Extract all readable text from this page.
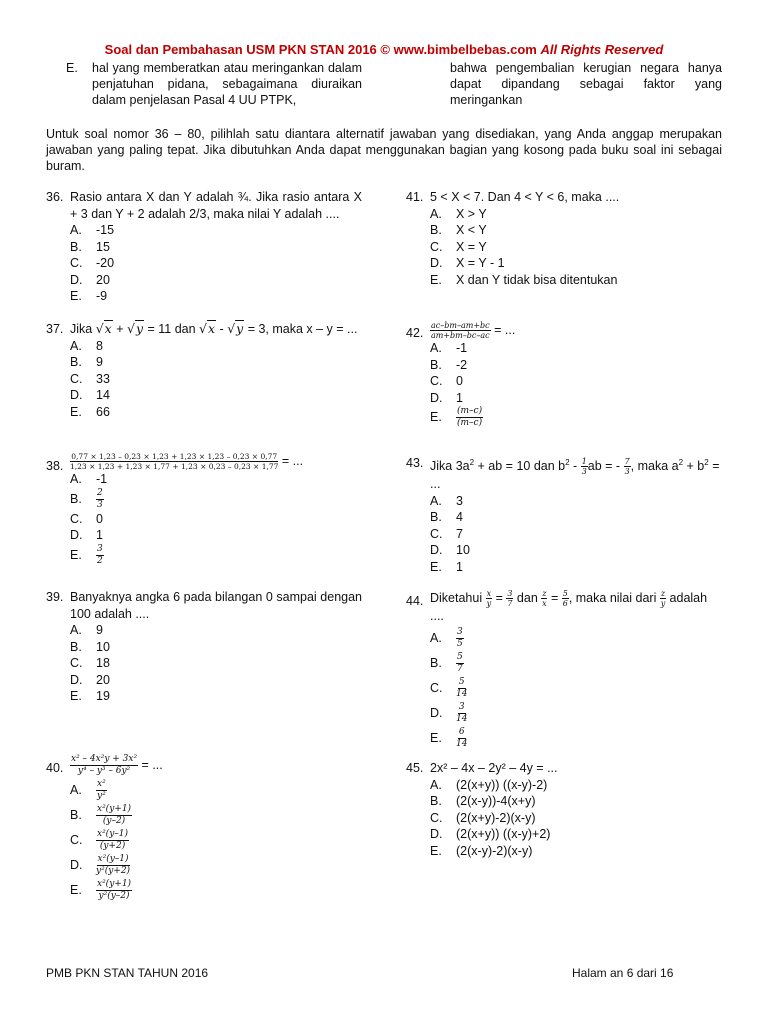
Soal dan Pembahasan USM PKN STAN 2016 © www.bimbelbebas.com All Rights Reserved
E. hal yang memberatkan atau meringankan dalam penjatuhan pidana, sebagaimana diuraikan dalam penjelasan Pasal 4 UU PTPK,
bahwa pengembalian kerugian negara hanya dapat dipandang sebagai faktor yang meringankan
Untuk soal nomor 36 – 80, pilihlah satu diantara alternatif jawaban yang disediakan, yang Anda anggap merupakan jawaban yang paling tepat. Jika dibutuhkan Anda dapat menggunakan bagian yang kosong pada buku soal ini sebagai buram.
36. Rasio antara X dan Y adalah ¾. Jika rasio antara X + 3 dan Y + 2 adalah 2/3, maka nilai Y adalah ....
A.	-15
B.	15
C.	-20
D.	20
E.	-9
37. Jika √x + √y = 11 dan √x - √y = 3, maka x – y = ...
A.	8
B.	9
C.	33
D.	14
E.	66
38. $\frac{0,77 \times 1,23 - 0,23 \times 1,23 + 1,23 \times 1,23 - 0,23 \times 0,77}{1,23 \times 1,23 + 1,23 \times 1,77 + 1,23 \times 0,23 - 0,23 \times 1,77}$ = ...
A.	-1
B.	$\frac{2}{3}$
C.	0
D.	1
E.	$\frac{3}{2}$
39. Banyaknya angka 6 pada bilangan 0 sampai dengan 100 adalah ....
A.	9
B.	10
C.	18
D.	20
E.	19
40. $\frac{\text{x² – 4x²y + 3x²}}{\text{y⁴ – y³ – 6y²}}$ = ...
A.	$\frac{\text{x²}}{\text{y²}}$
B.	$\frac{\text{x²(y+1)}}{(y-2)}$
C.	$\frac{\text{x²(y–1)}}{(y+2)}$
D.	$\frac{\text{x²(y–1)}}{\text{y²(y+2)}}$
E.	$\frac{\text{x²(y+1)}}{\text{y²(y–2)}}$
41. 5 < X < 7. Dan 4 < Y < 6, maka ....
A.	X > Y
B.	X < Y
C.	X = Y
D.	X = Y - 1
E.	X dan Y tidak bisa ditentukan
42. $\frac{ac-bm-am+bc}{am+bm-bc-ac}$ = ...
A.	-1
B.	-2
C.	0
D.	1
E.	$\frac{(m-c)}{(m-c)}$
43. Jika $3a^2$ + ab = 10 dan $b^2 - \frac{1}{3}$ ab = - $\frac{7}{3}$ , maka $a^2 + b^2$ =
...
A.	3
B.	4
C.	7
D.	10
E.	1
44. Diketahui $\frac{x}{y} = \frac{3}{7}$ dan $\frac{z}{x} = \frac{5}{6}$ , maka nilai dari $\frac{z}{y}$ adalah
....
A.	$\frac{3}{5}$
B.	$\frac{5}{7}$
C.	$\frac{5}{14}$
D.	$\frac{3}{14}$
E.	$\frac{6}{14}$
45. 2x² – 4x – 2y² – 4y = ...
A.	(2(x+y)) ((x-y)-2)
B.	(2(x-y))-4(x+y)
C.	(2(x+y)-2)(x-y)
D.	(2(x+y)) ((x-y)+2)
E.	(2(x-y)-2)(x-y)
PMB PKN STAN TAHUN 2016	Halam an 6 dari 16
